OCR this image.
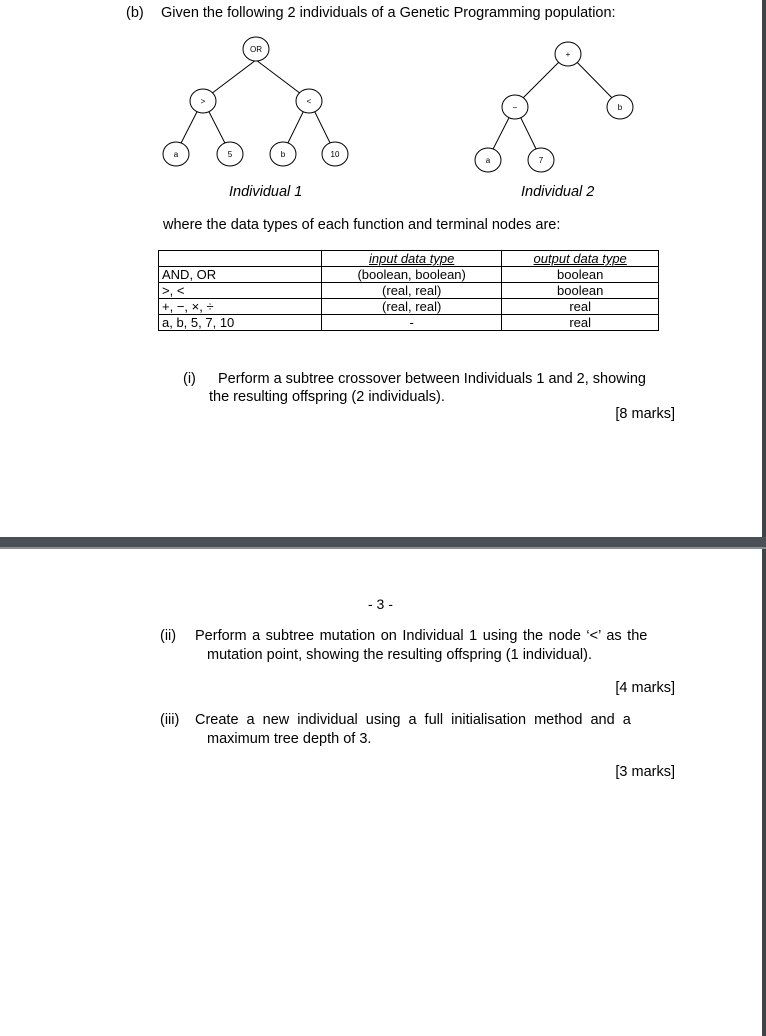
(b) Given the following 2 individuals of a Genetic Programming population:
OR
>	<
a	5	b	10
+
−	b
a	7
Individual 1	Individual 2
where the data types of each function and terminal nodes are:
	input data type	output data type
AND, OR	(boolean, boolean)	boolean
>, <	(real, real)	boolean
+, −, ×, ÷	(real, real)	real
a, b, 5, 7, 10	-	real
(i) Perform a subtree crossover between Individuals 1 and 2, showing
the resulting offspring (2 individuals).
[8 marks]
- 3 -
(ii) Perform a subtree mutation on Individual 1 using the node ‘<’ as the
mutation point, showing the resulting offspring (1 individual).
[4 marks]
(iii) Create a new individual using a full initialisation method and a
maximum tree depth of 3.
[3 marks]
